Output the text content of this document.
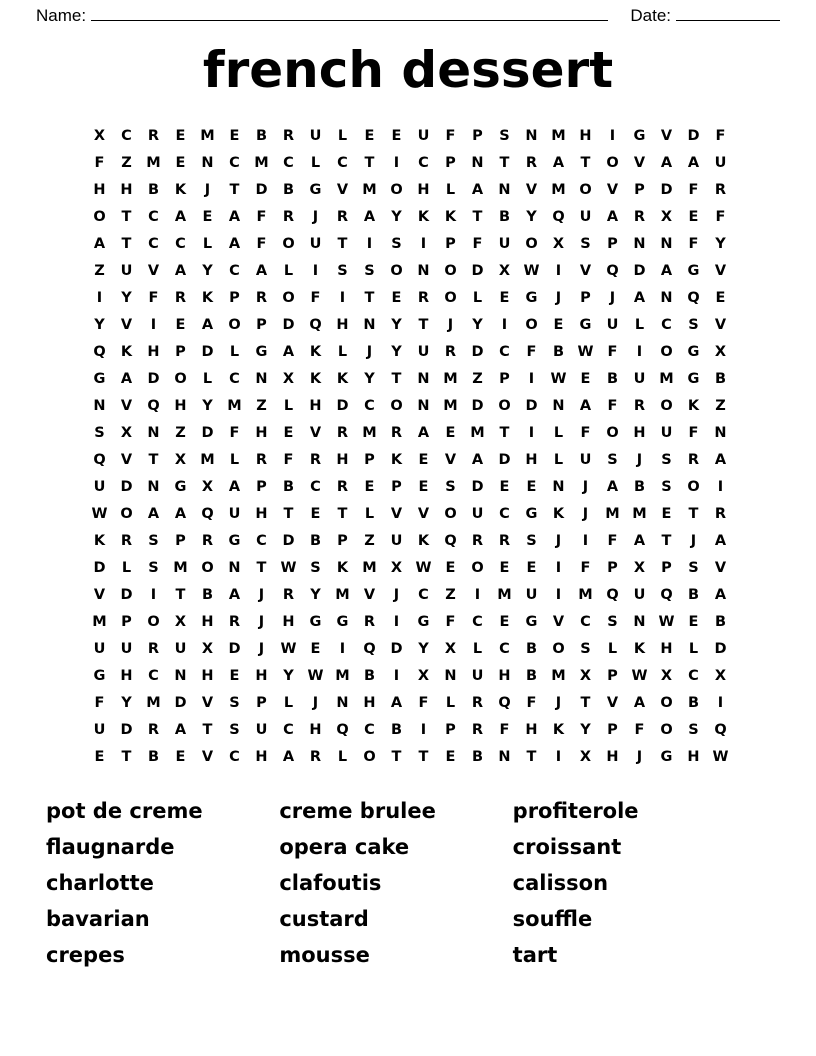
Name:	Date:
french dessert
X	C	R	E	M	E	B	R	U	L	E	E	U	F	P	S	N M H	I	G	V	D	F
F	Z	M	E	N	C M C	L	C	T	I	C	P	N	T	R	A	T	O	V	A	A	U
H	H	B	K	J	T	D	B	G	V M O	H	L	A	N	V M O	V	P	D	F	R
O	T	C	A	E	A	F	R	J	R	A	Y	K	K	T	B	Y	Q	U	A	R	X	E	F
A	T	C	C	L	A	F	O	U	T	I	S	I	P	F	U	O	X	S	P	N	N	F	Y
Z	U	V	A	Y	C	A	L	I	S	S	O	N	O	D	X W	I	V	Q	D	A	G	V
I	Y	F	R	K	P	R	O	F	I	T	E	R	O	L	E	G	J	P	J	A	N	Q	E
Y	V	I	E	A	O	P	D	Q	H	N	Y	T	J	Y	I	O	E	G	U	L	C	S	V
Q	K	H	P	D	L	G	A	K	L	J	Y	U	R	D	C	F	B W F	I	O	G	X
G	A	D	O	L	C	N	X	K	K	Y	T	N M	Z	P	I	W E	B	U M G	B
N	V	Q	H	Y	M	Z	L	H	D	C	O	N M D	O	D	N	A	F	R	O	K	Z
S	X	N	Z	D	F	H	E	V	R M R	A	E	M	T	I	L	F	O	H	U	F	N
Q	V	T	X M	L	R	F	R	H	P	K	E	V	A	D	H	L	U	S	J	S	R	A
U	D	N	G	X	A	P	B	C	R	E	P	E	S	D	E	E	N	J	A	B	S	O	I
W O	A	A	Q	U	H	T	E	T	L	V	V	O	U	C	G	K	J	M M	E	T	R
K	R	S	P	R	G	C	D	B	P	Z	U	K	Q	R	R	S	J	I	F	A	T	J	A
D	L	S	M O	N	T W S	K M X W E	O	E	E	I	F	P	X	P	S	V
V	D	I	T	B	A	J	R	Y	M V	J	C	Z	I	M U	I	M Q	U	Q	B	A
M P	O	X	H	R	J	H	G	G	R	I	G	F	C	E	G	V	C	S	N W E	B
U	U	R	U	X	D	J	W E	I	Q	D	Y	X	L	C	B	O	S	L	K	H	L	D
G	H	C	N	H	E	H	Y W M B	I	X	N	U	H	B M X	P W X	C	X
F	Y	M D	V	S	P	L	J	N	H	A	F	L	R	Q	F	J	T	V	A	O	B	I
U	D	R	A	T	S	U	C	H	Q	C	B	I	P	R	F	H	K	Y	P	F	O	S	Q
E	T	B	E	V	C	H	A	R	L	O	T	T	E	B	N	T	I	X	H	J	G	H W
pot de creme
flaugnarde
charlotte
bavarian
crepes
creme brulee
opera cake
clafoutis
custard
mousse
profiterole
croissant
calisson
souffle
tart
